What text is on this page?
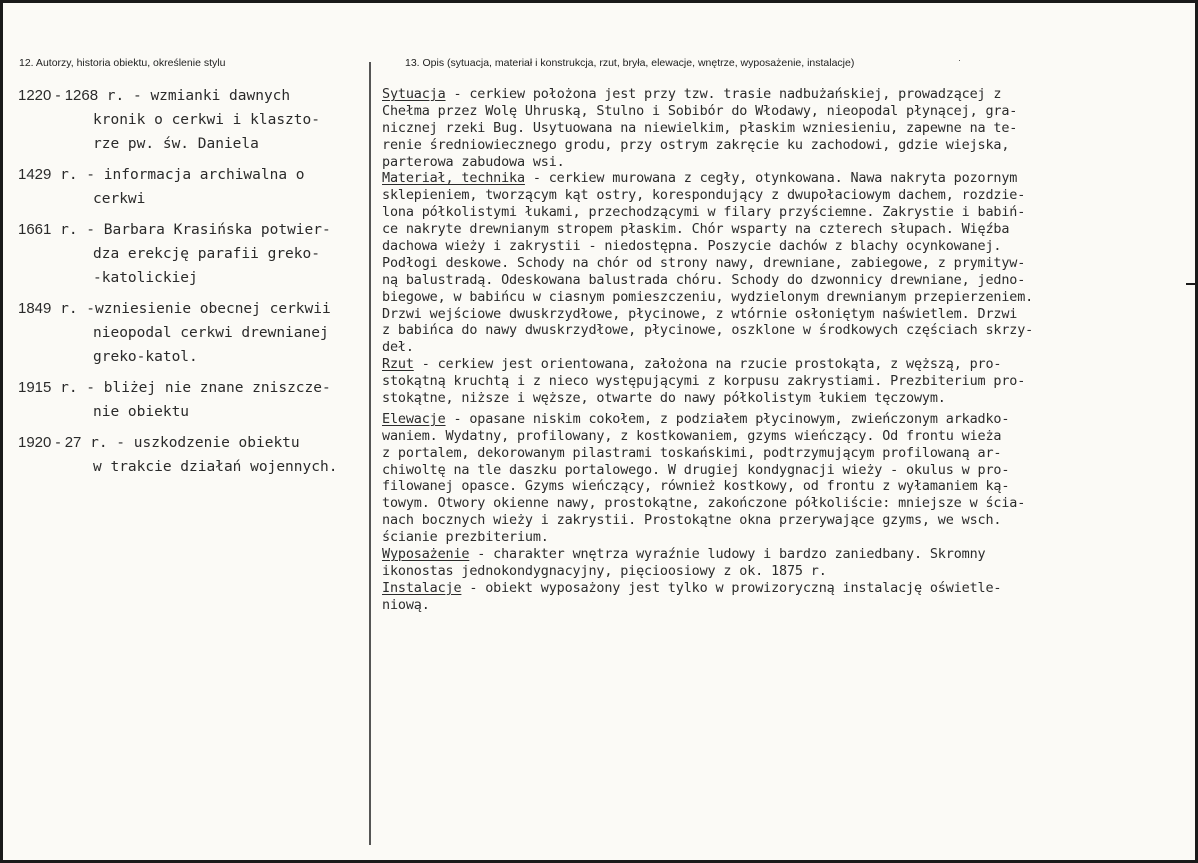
12. Autorzy, historia obiektu, określenie stylu	13. Opis (sytuacja, materiał i konstrukcja, rzut, bryła, elewacje, wnętrze, wyposażenie, instalacje)	·
1220 - 1268 r. - wzmianki dawnych
kronik o cerkwi i klaszto-
rze pw. św. Daniela
1429 r. - informacja archiwalna o
cerkwi
1661 r. - Barbara Krasińska potwier-
dza erekcję parafii greko-
-katolickiej
1849 r. -wzniesienie obecnej cerkwii
nieopodal cerkwi drewnianej
greko-katol.
1915 r. - bliżej nie znane zniszcze-
nie obiektu
1920 - 27 r. - uszkodzenie obiektu
w trakcie działań wojennych.
Sytuacja - cerkiew położona jest przy tzw. trasie nadbużańskiej, prowadzącej z
Chełma przez Wolę Uhruską, Stulno i Sobibór do Włodawy, nieopodal płynącej, gra-
nicznej rzeki Bug. Usytuowana na niewielkim, płaskim wzniesieniu, zapewne na te-
renie średniowiecznego grodu, przy ostrym zakręcie ku zachodowi, gdzie wiejska,
parterowa zabudowa wsi.
Materiał, technika - cerkiew murowana z cegły, otynkowana. Nawa nakryta pozornym
sklepieniem, tworzącym kąt ostry, korespondujący z dwupołaciowym dachem, rozdzie-
lona półkolistymi łukami, przechodzącymi w filary przyściemne. Zakrystie i babiń-
ce nakryte drewnianym stropem płaskim. Chór wsparty na czterech słupach. Więźba
dachowa wieży i zakrystii - niedostępna. Poszycie dachów z blachy ocynkowanej.
Podłogi deskowe. Schody na chór od strony nawy, drewniane, zabiegowe, z prymityw-
ną balustradą. Odeskowana balustrada chóru. Schody do dzwonnicy drewniane, jedno-
biegowe, w babińcu w ciasnym pomieszczeniu, wydzielonym drewnianym przepierzeniem.
Drzwi wejściowe dwuskrzydłowe, płycinowe, z wtórnie osłoniętym naświetlem. Drzwi
z babińca do nawy dwuskrzydłowe, płycinowe, oszklone w środkowych częściach skrzy-
deł.
Rzut - cerkiew jest orientowana, założona na rzucie prostokąta, z węższą, pro-
stokątną kruchtą i z nieco występującymi z korpusu zakrystiami. Prezbiterium pro-
stokątne, niższe i węższe, otwarte do nawy półkolistym łukiem tęczowym.
Elewacje - opasane niskim cokołem, z podziałem płycinowym, zwieńczonym arkadko-
waniem. Wydatny, profilowany, z kostkowaniem, gzyms wieńczący. Od frontu wieża
z portalem, dekorowanym pilastrami toskańskimi, podtrzymującym profilowaną ar-
chiwoltę na tle daszku portalowego. W drugiej kondygnacji wieży - okulus w pro-
filowanej opasce. Gzyms wieńczący, również kostkowy, od frontu z wyłamaniem ką-
towym. Otwory okienne nawy, prostokątne, zakończone półkoliście: mniejsze w ścia-
nach bocznych wieży i zakrystii. Prostokątne okna przerywające gzyms, we wsch.
ścianie prezbiterium.
Wyposażenie - charakter wnętrza wyraźnie ludowy i bardzo zaniedbany. Skromny
ikonostas jednokondygnacyjny, pięcioosiowy z ok. 1875 r.
Instalacje - obiekt wyposażony jest tylko w prowizoryczną instalację oświetle-
niową.
